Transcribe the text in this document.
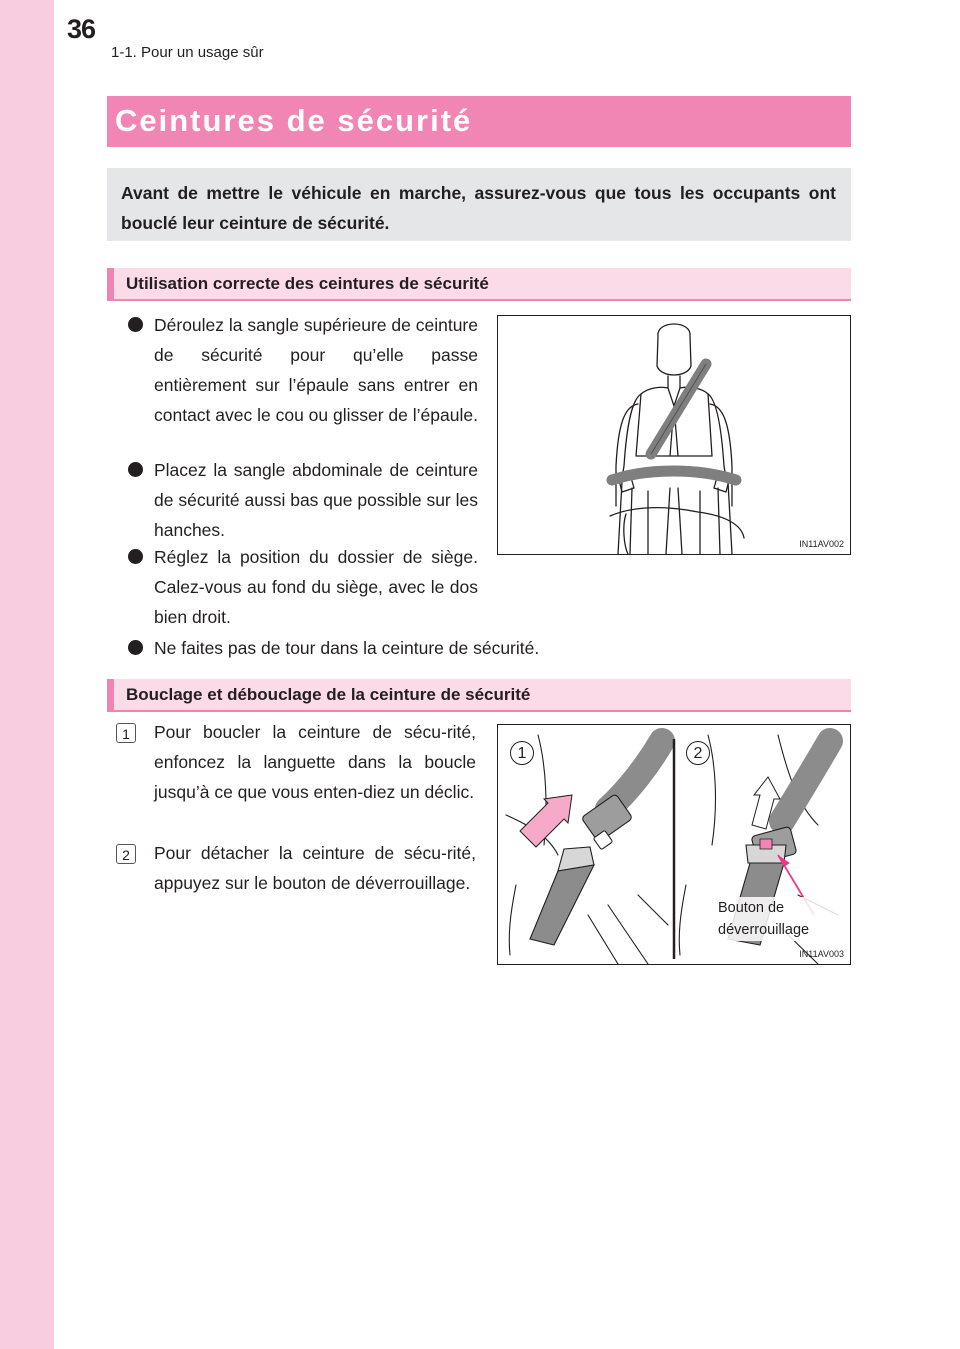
36
1-1. Pour un usage sûr
Ceintures de sécurité
Avant de mettre le véhicule en marche, assurez-vous que tous les occupants ont bouclé leur ceinture de sécurité.
Utilisation correcte des ceintures de sécurité
Déroulez la sangle supérieure de ceinture de sécurité pour qu’elle passe entièrement sur l’épaule sans entrer en contact avec le cou ou glisser de l’épaule.
Placez la sangle abdominale de ceinture de sécurité aussi bas que possible sur les hanches.
Réglez la position du dossier de siège. Calez-vous au fond du siège, avec le dos bien droit.
Ne faites pas de tour dans la ceinture de sécurité.
IN11AV002
Bouclage et débouclage de la ceinture de sécurité
1	Pour boucler la ceinture de sécu-rité, enfoncez la languette dans la boucle jusqu’à ce que vous enten-diez un déclic.
2	Pour détacher la ceinture de sécu-rité, appuyez sur le bouton de déverrouillage.
1	2
Bouton de déverrouillage
IN11AV003
